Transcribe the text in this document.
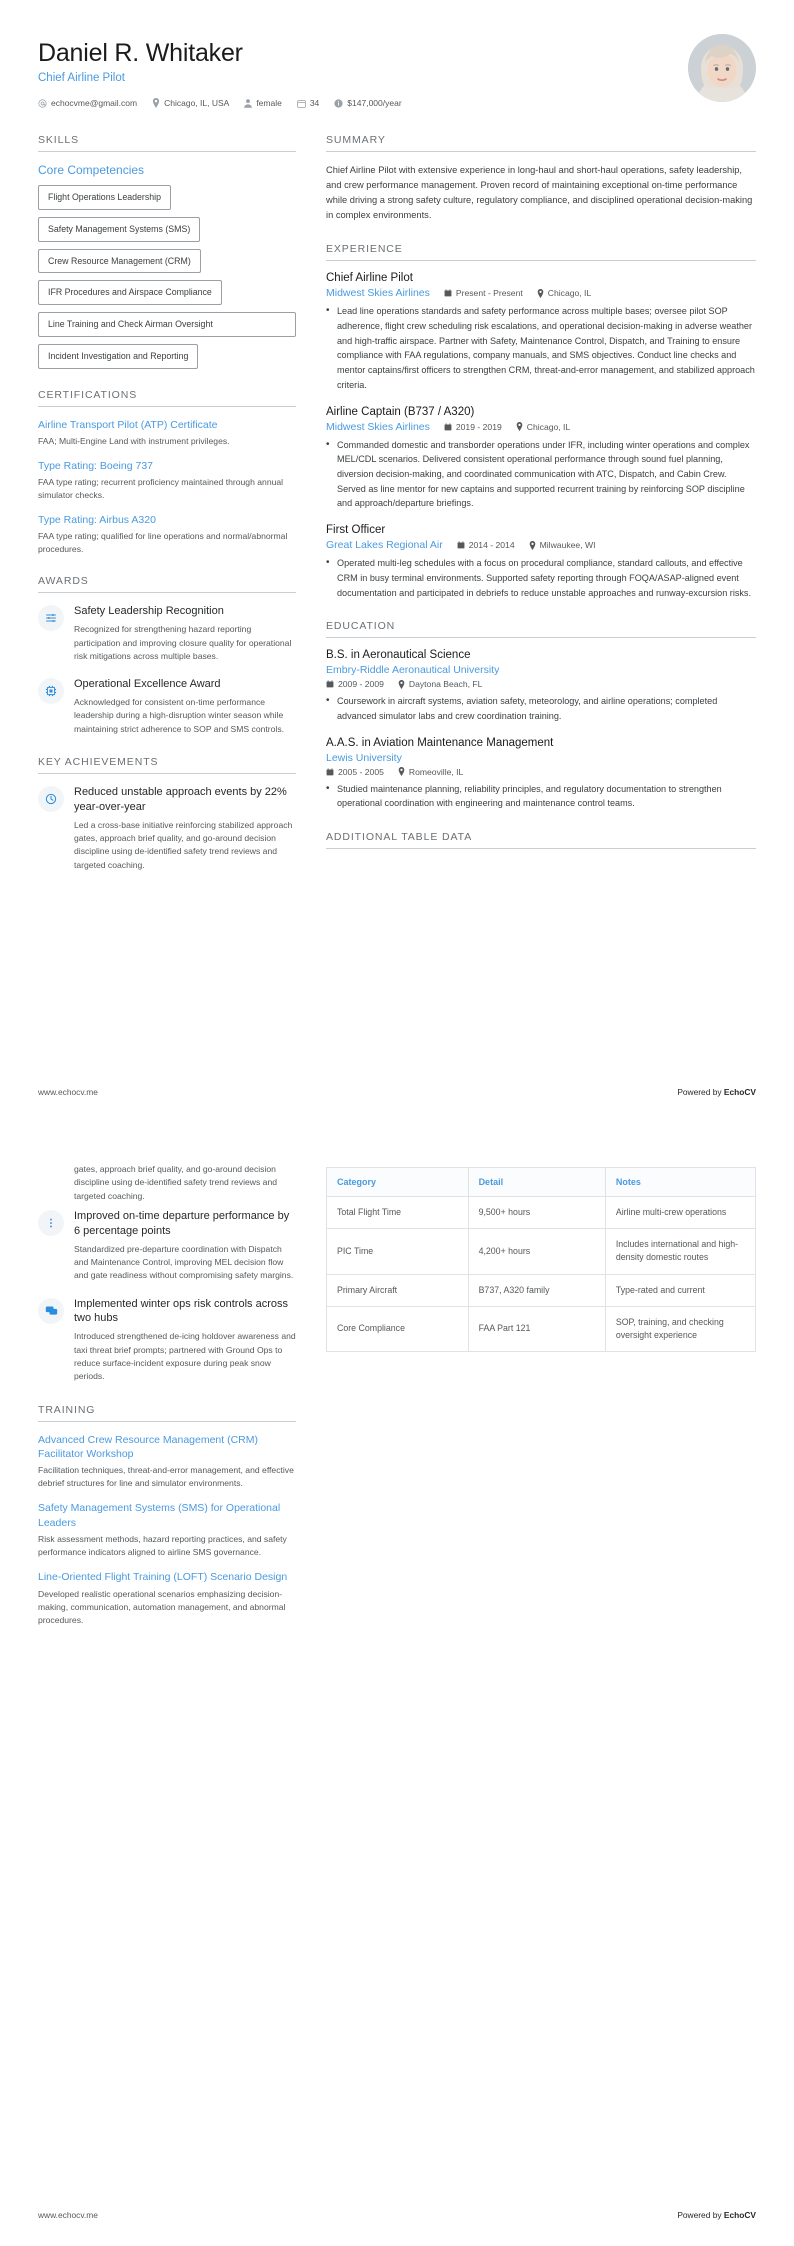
Daniel R. Whitaker
Chief Airline Pilot
echocvme@gmail.com	Chicago, IL, USA	female	34	$147,000/year
SKILLS
Core Competencies
Flight Operations Leadership
Safety Management Systems (SMS)
Crew Resource Management (CRM)
IFR Procedures and Airspace Compliance
Line Training and Check Airman Oversight
Incident Investigation and Reporting
CERTIFICATIONS
Airline Transport Pilot (ATP) Certificate
FAA; Multi-Engine Land with instrument privileges.
Type Rating: Boeing 737
FAA type rating; recurrent proficiency maintained through annual simulator checks.
Type Rating: Airbus A320
FAA type rating; qualified for line operations and normal/abnormal procedures.
AWARDS
Safety Leadership Recognition
Recognized for strengthening hazard reporting participation and improving closure quality for operational risk mitigations across multiple bases.
Operational Excellence Award
Acknowledged for consistent on-time performance leadership during a high-disruption winter season while maintaining strict adherence to SOP and SMS controls.
KEY ACHIEVEMENTS
Reduced unstable approach events by 22% year-over-year
Led a cross-base initiative reinforcing stabilized approach gates, approach brief quality, and go-around decision discipline using de-identified safety trend reviews and targeted coaching.
SUMMARY
Chief Airline Pilot with extensive experience in long-haul and short-haul operations, safety leadership, and crew performance management. Proven record of maintaining exceptional on-time performance while driving a strong safety culture, regulatory compliance, and disciplined operational decision-making in complex environments.
EXPERIENCE
Chief Airline Pilot
Midwest Skies Airlines	Present - Present	Chicago, IL
• Lead line operations standards and safety performance across multiple bases; oversee pilot SOP adherence, flight crew scheduling risk escalations, and operational decision-making in adverse weather and high-traffic airspace. Partner with Safety, Maintenance Control, Dispatch, and Training to ensure compliance with FAA regulations, company manuals, and SMS objectives. Conduct line checks and mentor captains/first officers to strengthen CRM, threat-and-error management, and stabilized approach criteria.
Airline Captain (B737 / A320)
Midwest Skies Airlines	2019 - 2019	Chicago, IL
• Commanded domestic and transborder operations under IFR, including winter operations and complex MEL/CDL scenarios. Delivered consistent operational performance through sound fuel planning, diversion decision-making, and coordinated communication with ATC, Dispatch, and Cabin Crew. Served as line mentor for new captains and supported recurrent training by reinforcing SOP discipline and approach/departure briefings.
First Officer
Great Lakes Regional Air	2014 - 2014	Milwaukee, WI
• Operated multi-leg schedules with a focus on procedural compliance, standard callouts, and effective CRM in busy terminal environments. Supported safety reporting through FOQA/ASAP-aligned event documentation and participated in debriefs to reduce unstable approaches and runway-excursion risks.
EDUCATION
B.S. in Aeronautical Science
Embry-Riddle Aeronautical University
2009 - 2009	Daytona Beach, FL
• Coursework in aircraft systems, aviation safety, meteorology, and airline operations; completed advanced simulator labs and crew coordination training.
A.A.S. in Aviation Maintenance Management
Lewis University
2005 - 2005	Romeoville, IL
• Studied maintenance planning, reliability principles, and regulatory documentation to strengthen operational coordination with engineering and maintenance control teams.
ADDITIONAL TABLE DATA
www.echocv.me	Powered by EchoCV
gates, approach brief quality, and go-around decision discipline using de-identified safety trend reviews and targeted coaching.
Improved on-time departure performance by 6 percentage points
Standardized pre-departure coordination with Dispatch and Maintenance Control, improving MEL decision flow and gate readiness without compromising safety margins.
Implemented winter ops risk controls across two hubs
Introduced strengthened de-icing holdover awareness and taxi threat brief prompts; partnered with Ground Ops to reduce surface-incident exposure during peak snow periods.
TRAINING
Advanced Crew Resource Management (CRM) Facilitator Workshop
Facilitation techniques, threat-and-error management, and effective debrief structures for line and simulator environments.
Safety Management Systems (SMS) for Operational Leaders
Risk assessment methods, hazard reporting practices, and safety performance indicators aligned to airline SMS governance.
Line-Oriented Flight Training (LOFT) Scenario Design
Developed realistic operational scenarios emphasizing decision-making, communication, automation management, and abnormal procedures.
Category	Detail	Notes
Total Flight Time	9,500+ hours	Airline multi-crew operations
PIC Time	4,200+ hours	Includes international and high-density domestic routes
Primary Aircraft	B737, A320 family	Type-rated and current
Core Compliance	FAA Part 121	SOP, training, and checking oversight experience
www.echocv.me	Powered by EchoCV
